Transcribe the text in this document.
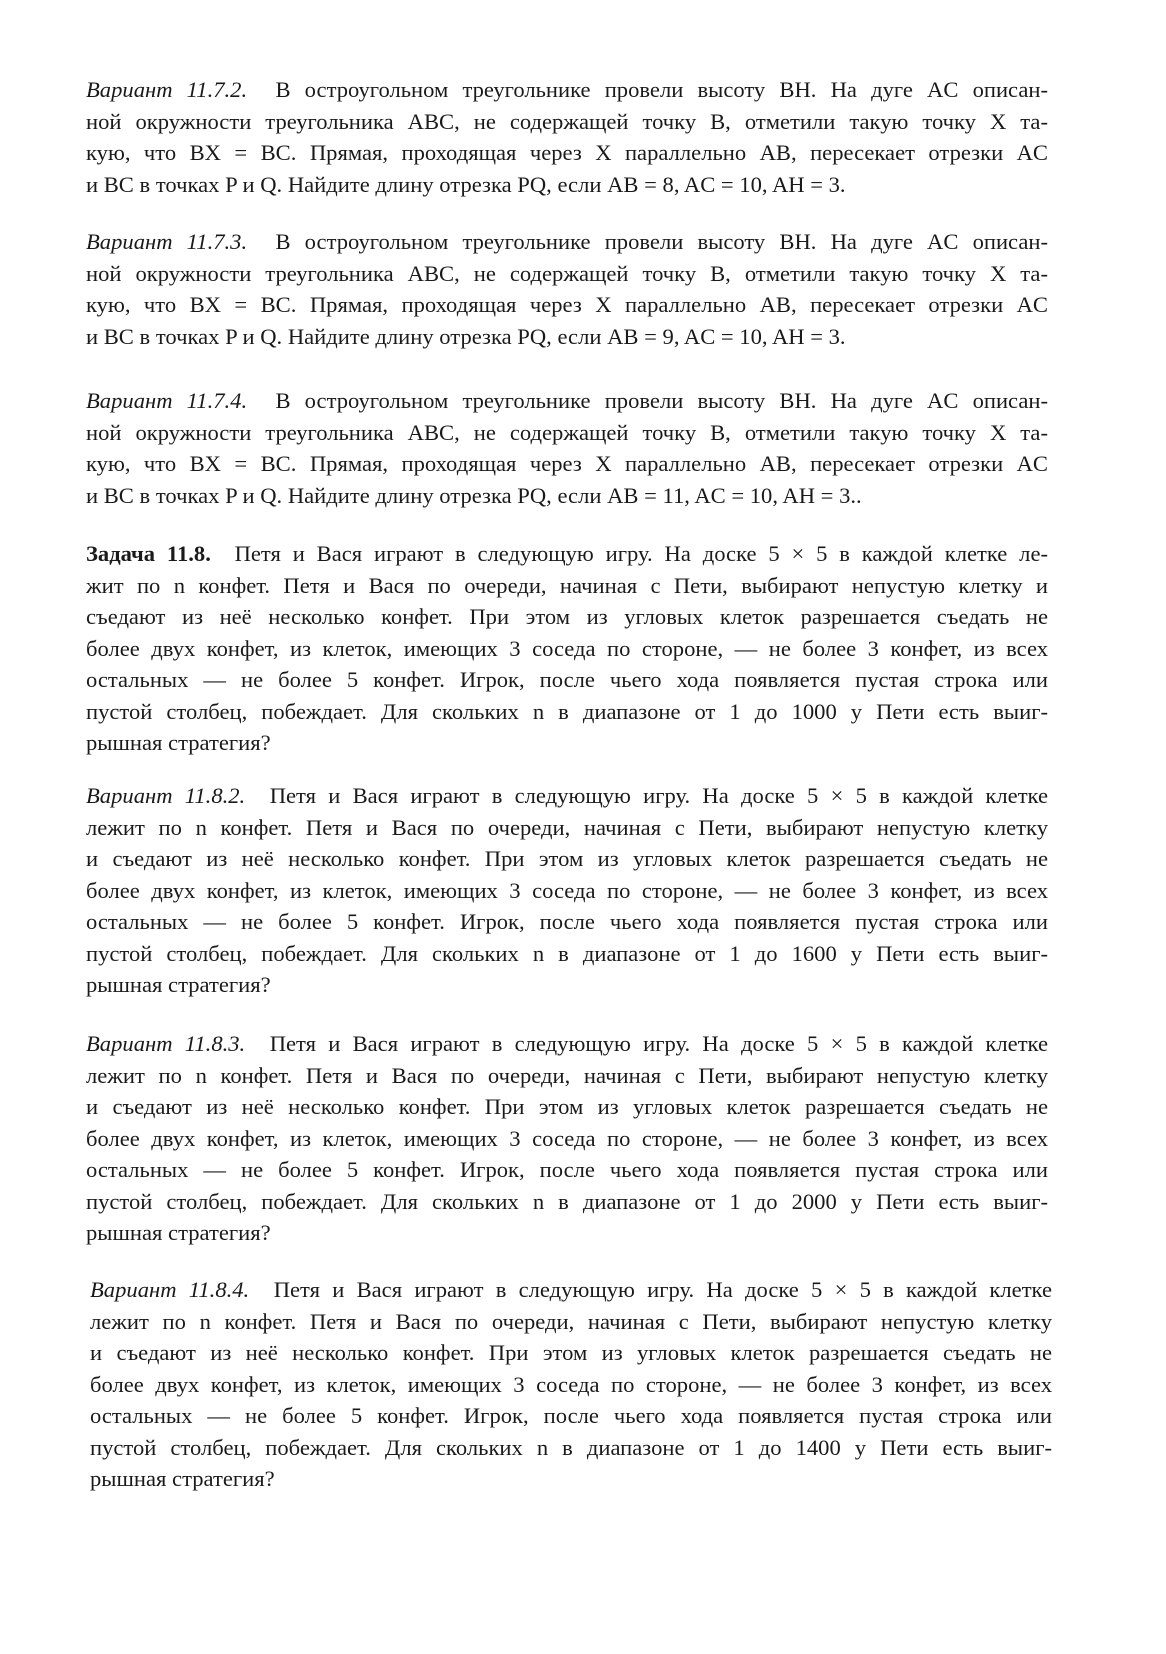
Вариант 11.7.2. В остроугольном треугольнике провели высоту BH. На дуге AC описан-
ной окружности треугольника ABC, не содержащей точку B, отметили такую точку X та-
кую, что BX = BC. Прямая, проходящая через X параллельно AB, пересекает отрезки AC
и BC в точках P и Q. Найдите длину отрезка PQ, если AB = 8, AC = 10, AH = 3.
Вариант 11.7.3. В остроугольном треугольнике провели высоту BH. На дуге AC описан-
ной окружности треугольника ABC, не содержащей точку B, отметили такую точку X та-
кую, что BX = BC. Прямая, проходящая через X параллельно AB, пересекает отрезки AC
и BC в точках P и Q. Найдите длину отрезка PQ, если AB = 9, AC = 10, AH = 3.
Вариант 11.7.4. В остроугольном треугольнике провели высоту BH. На дуге AC описан-
ной окружности треугольника ABC, не содержащей точку B, отметили такую точку X та-
кую, что BX = BC. Прямая, проходящая через X параллельно AB, пересекает отрезки AC
и BC в точках P и Q. Найдите длину отрезка PQ, если AB = 11, AC = 10, AH = 3..
Задача 11.8. Петя и Вася играют в следующую игру. На доске 5 × 5 в каждой клетке ле-
жит по n конфет. Петя и Вася по очереди, начиная с Пети, выбирают непустую клетку и
съедают из неё несколько конфет. При этом из угловых клеток разрешается съедать не
более двух конфет, из клеток, имеющих 3 соседа по стороне, — не более 3 конфет, из всех
остальных — не более 5 конфет. Игрок, после чьего хода появляется пустая строка или
пустой столбец, побеждает. Для скольких n в диапазоне от 1 до 1000 у Пети есть выиг-
рышная стратегия?
Вариант 11.8.2. Петя и Вася играют в следующую игру. На доске 5 × 5 в каждой клетке
лежит по n конфет. Петя и Вася по очереди, начиная с Пети, выбирают непустую клетку
и съедают из неё несколько конфет. При этом из угловых клеток разрешается съедать не
более двух конфет, из клеток, имеющих 3 соседа по стороне, — не более 3 конфет, из всех
остальных — не более 5 конфет. Игрок, после чьего хода появляется пустая строка или
пустой столбец, побеждает. Для скольких n в диапазоне от 1 до 1600 у Пети есть выиг-
рышная стратегия?
Вариант 11.8.3. Петя и Вася играют в следующую игру. На доске 5 × 5 в каждой клетке
лежит по n конфет. Петя и Вася по очереди, начиная с Пети, выбирают непустую клетку
и съедают из неё несколько конфет. При этом из угловых клеток разрешается съедать не
более двух конфет, из клеток, имеющих 3 соседа по стороне, — не более 3 конфет, из всех
остальных — не более 5 конфет. Игрок, после чьего хода появляется пустая строка или
пустой столбец, побеждает. Для скольких n в диапазоне от 1 до 2000 у Пети есть выиг-
рышная стратегия?
Вариант 11.8.4. Петя и Вася играют в следующую игру. На доске 5 × 5 в каждой клетке
лежит по n конфет. Петя и Вася по очереди, начиная с Пети, выбирают непустую клетку
и съедают из неё несколько конфет. При этом из угловых клеток разрешается съедать не
более двух конфет, из клеток, имеющих 3 соседа по стороне, — не более 3 конфет, из всех
остальных — не более 5 конфет. Игрок, после чьего хода появляется пустая строка или
пустой столбец, побеждает. Для скольких n в диапазоне от 1 до 1400 у Пети есть выиг-
рышная стратегия?
